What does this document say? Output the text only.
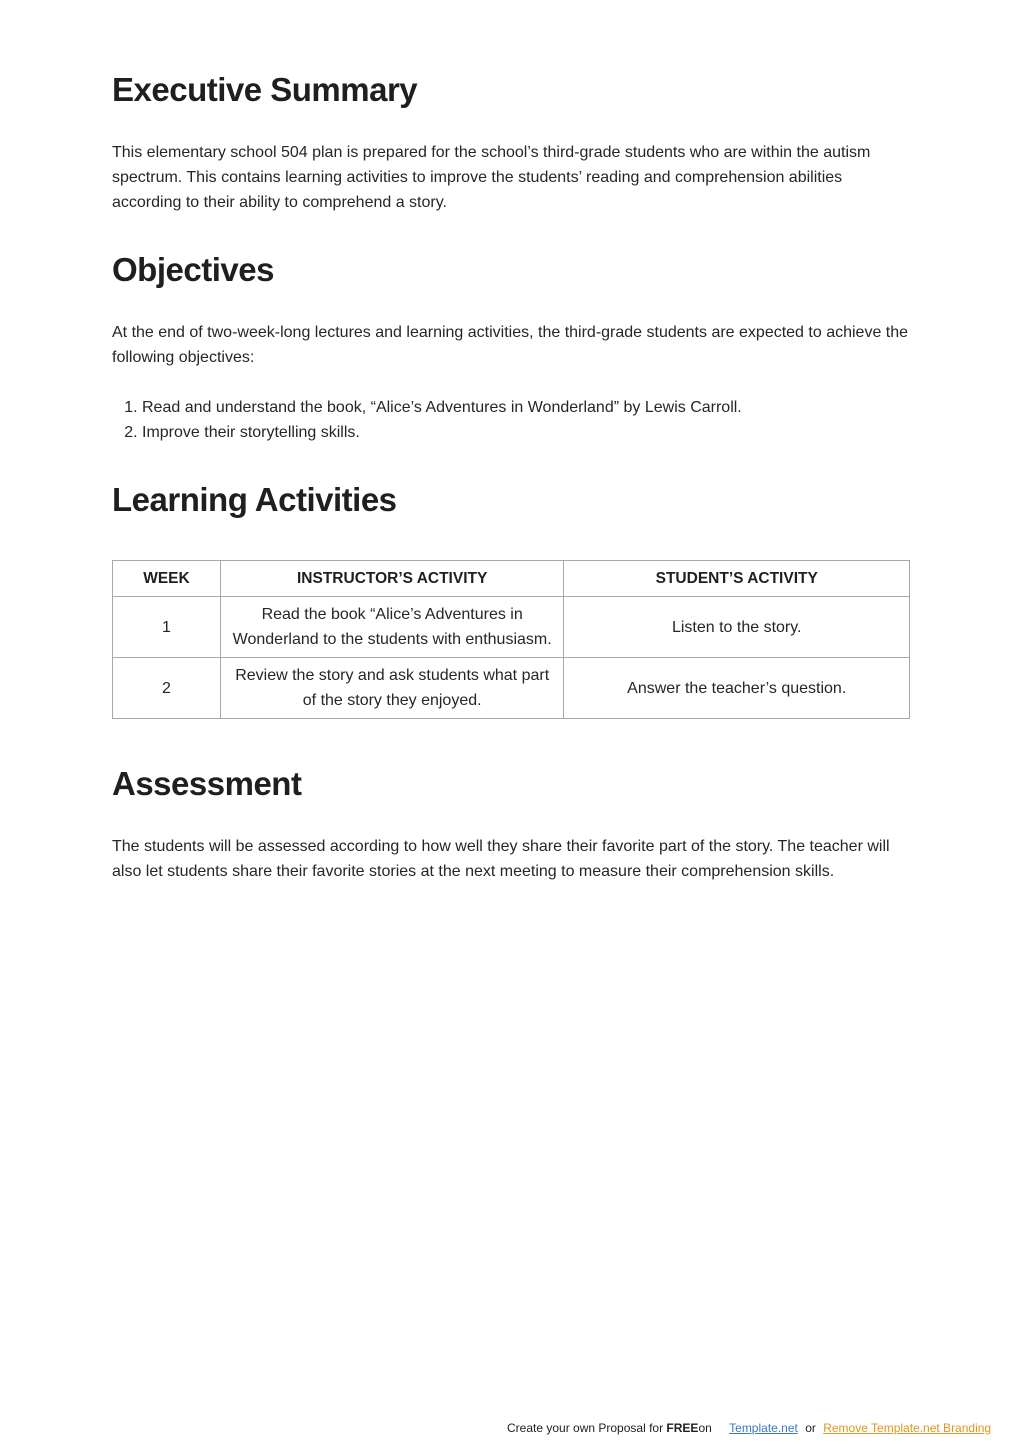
Executive Summary

This elementary school 504 plan is prepared for the school’s third-grade students who are within the autism spectrum. This contains learning activities to improve the students’ reading and comprehension abilities according to their ability to comprehend a story.

Objectives

At the end of two-week-long lectures and learning activities, the third-grade students are expected to achieve the following objectives:

1. Read and understand the book, “Alice’s Adventures in Wonderland” by Lewis Carroll.
2. Improve their storytelling skills.
Learning Activities
WEEK	INSTRUCTOR’S ACTIVITY	STUDENT’S ACTIVITY
1	Read the book “Alice’s Adventures in Wonderland to the students with enthusiasm.	Listen to the story.
2	Review the story and ask students what part of the story they enjoyed.	Answer the teacher’s question.
Assessment

The students will be assessed according to how well they share their favorite part of the story. The teacher will also let students share their favorite stories at the next meeting to measure their comprehension skills.

Create your own Proposal for FREEon Template.net or Remove Template.net Branding
